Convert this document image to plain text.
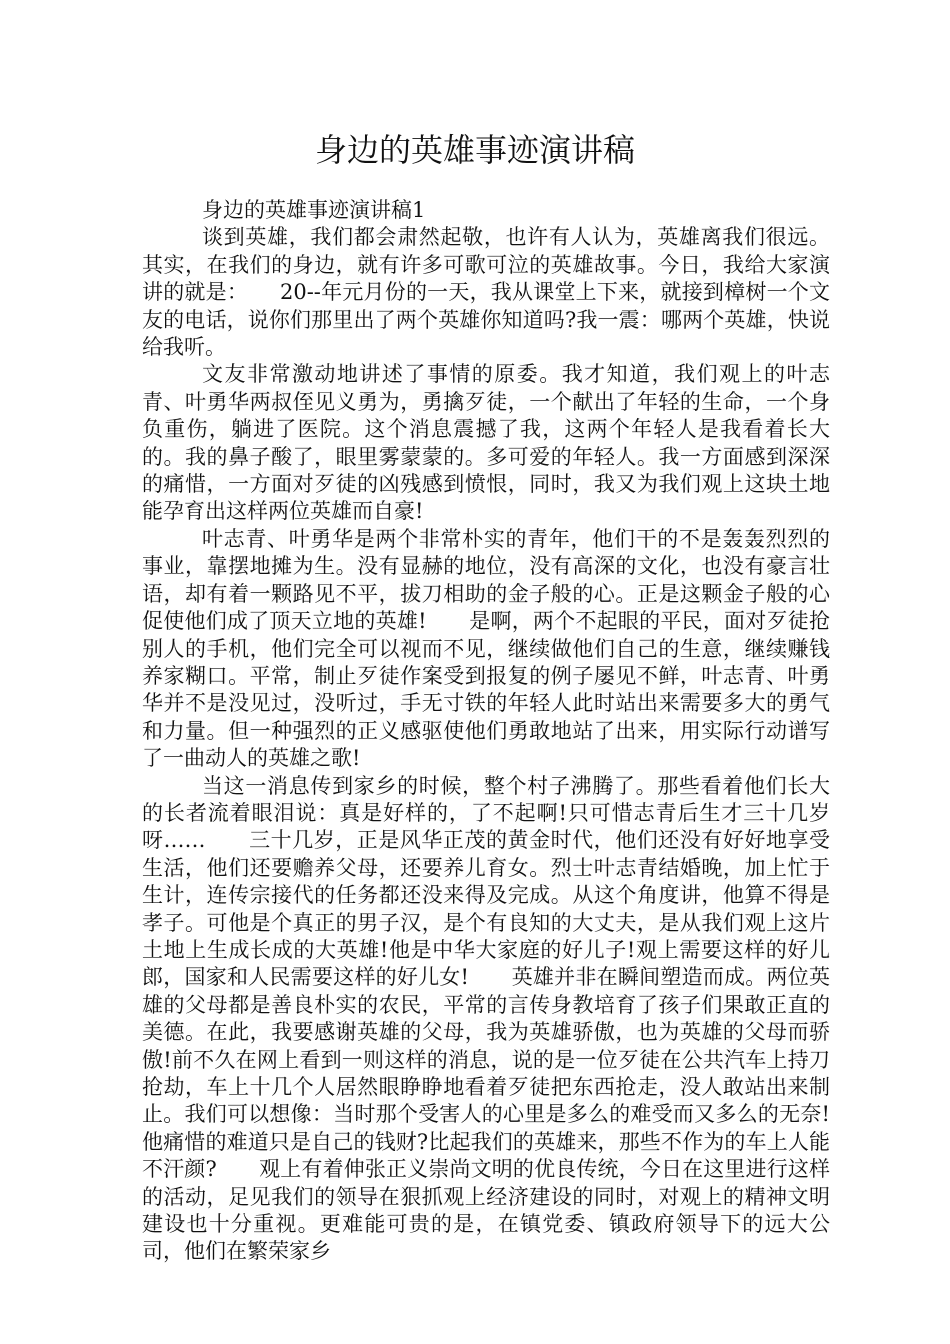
身边的英雄事迹演讲稿

身边的英雄事迹演讲稿1

谈到英雄，我们都会肃然起敬，也许有人认为，英雄离我们很远。其实，在我们的身边，就有许多可歌可泣的英雄故事。今日，我给大家演讲的就是：　　20--年元月份的一天，我从课堂上下来，就接到樟树一个文友的电话，说你们那里出了两个英雄你知道吗?我一震：哪两个英雄，快说给我听。

文友非常激动地讲述了事情的原委。我才知道，我们观上的叶志青、叶勇华两叔侄见义勇为，勇擒歹徒，一个献出了年轻的生命，一个身负重伤，躺进了医院。这个消息震撼了我，这两个年轻人是我看着长大的。我的鼻子酸了，眼里雾蒙蒙的。多可爱的年轻人。我一方面感到深深的痛惜，一方面对歹徒的凶残感到愤恨，同时，我又为我们观上这块土地能孕育出这样两位英雄而自豪!

叶志青、叶勇华是两个非常朴实的青年，他们干的不是轰轰烈烈的事业，靠摆地摊为生。没有显赫的地位，没有高深的文化，也没有豪言壮语，却有着一颗路见不平，拔刀相助的金子般的心。正是这颗金子般的心促使他们成了顶天立地的英雄!　　是啊，两个不起眼的平民，面对歹徒抢别人的手机，他们完全可以视而不见，继续做他们自己的生意，继续赚钱养家糊口。平常，制止歹徒作案受到报复的例子屡见不鲜，叶志青、叶勇华并不是没见过，没听过，手无寸铁的年轻人此时站出来需要多大的勇气和力量。但一种强烈的正义感驱使他们勇敢地站了出来，用实际行动谱写了一曲动人的英雄之歌!

当这一消息传到家乡的时候，整个村子沸腾了。那些看着他们长大的长者流着眼泪说：真是好样的，了不起啊!只可惜志青后生才三十几岁呀……　　三十几岁，正是风华正茂的黄金时代，他们还没有好好地享受生活，他们还要赡养父母，还要养儿育女。烈士叶志青结婚晚，加上忙于生计，连传宗接代的任务都还没来得及完成。从这个角度讲，他算不得是孝子。可他是个真正的男子汉，是个有良知的大丈夫，是从我们观上这片土地上生成长成的大英雄!他是中华大家庭的好儿子!观上需要这样的好儿郎，国家和人民需要这样的好儿女!　　英雄并非在瞬间塑造而成。两位英雄的父母都是善良朴实的农民，平常的言传身教培育了孩子们果敢正直的美德。在此，我要感谢英雄的父母，我为英雄骄傲，也为英雄的父母而骄傲!前不久在网上看到一则这样的消息，说的是一位歹徒在公共汽车上持刀抢劫，车上十几个人居然眼睁睁地看着歹徒把东西抢走，没人敢站出来制止。我们可以想像：当时那个受害人的心里是多么的难受而又多么的无奈!他痛惜的难道只是自己的钱财?比起我们的英雄来，那些不作为的车上人能不汗颜?　　观上有着伸张正义崇尚文明的优良传统，今日在这里进行这样的活动，足见我们的领导在狠抓观上经济建设的同时，对观上的精神文明建设也十分重视。更难能可贵的是，在镇党委、镇政府领导下的远大公司，他们在繁荣家乡
